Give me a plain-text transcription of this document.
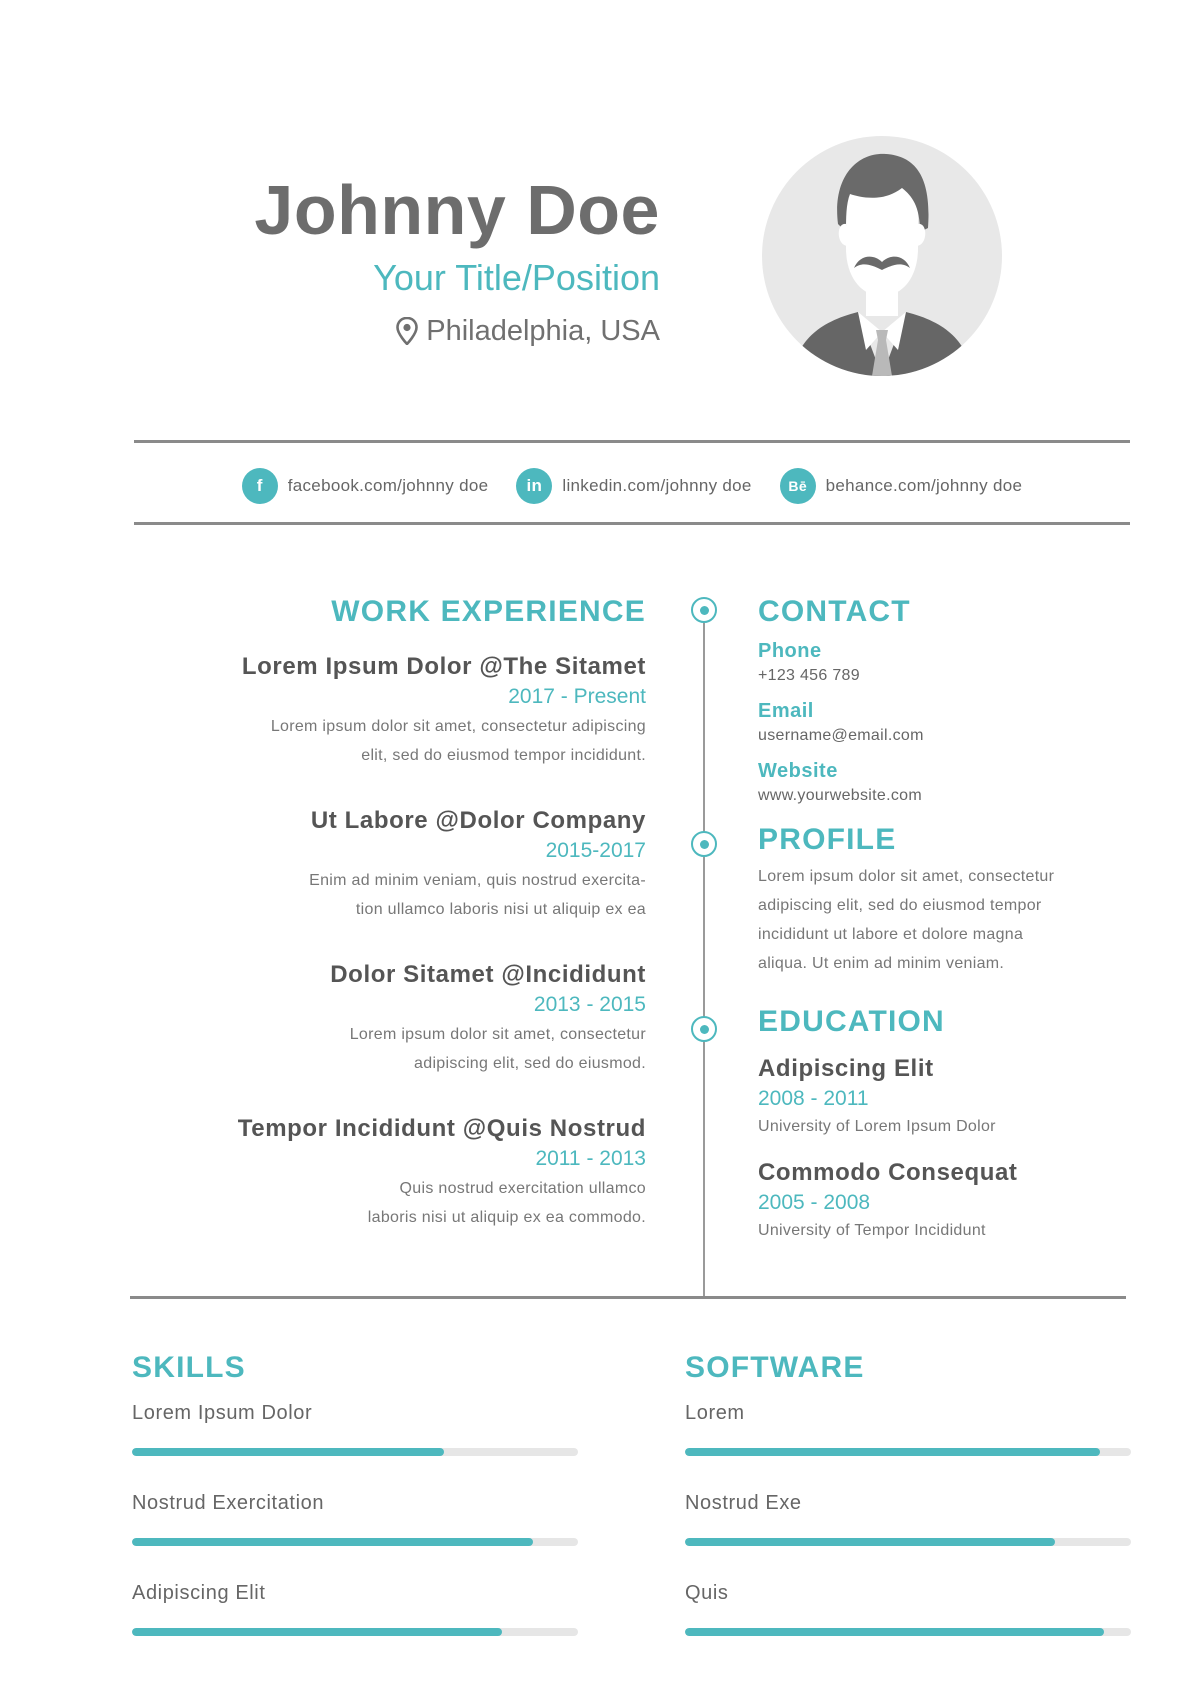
Johnny Doe
Your Title/Position
Philadelphia, USA
f	facebook.com/johnny doe	in	linkedin.com/johnny doe	Bē	behance.com/johnny doe
WORK EXPERIENCE
Lorem Ipsum Dolor @The Sitamet
2017 - Present
Lorem ipsum dolor sit amet, consectetur adipiscing
elit, sed do eiusmod tempor incididunt.
Ut Labore @Dolor Company
2015-2017
Enim ad minim veniam, quis nostrud exercita-
tion ullamco laboris nisi ut aliquip ex ea
Dolor Sitamet @Incididunt
2013 - 2015
Lorem ipsum dolor sit amet, consectetur
adipiscing elit, sed do eiusmod.
Tempor Incididunt @Quis Nostrud
2011 - 2013
Quis nostrud exercitation ullamco
laboris nisi ut aliquip ex ea commodo.
CONTACT
Phone
+123 456 789
Email
username@email.com
Website
www.yourwebsite.com
PROFILE
Lorem ipsum dolor sit amet, consectetur
adipiscing elit, sed do eiusmod tempor
incididunt ut labore et dolore magna
aliqua. Ut enim ad minim veniam.
EDUCATION
Adipiscing Elit
2008 - 2011
University of Lorem Ipsum Dolor
Commodo Consequat
2005 - 2008
University of Tempor Incididunt
SKILLS
Lorem Ipsum Dolor
Nostrud Exercitation
Adipiscing Elit
SOFTWARE
Lorem
Nostrud Exe
Quis
